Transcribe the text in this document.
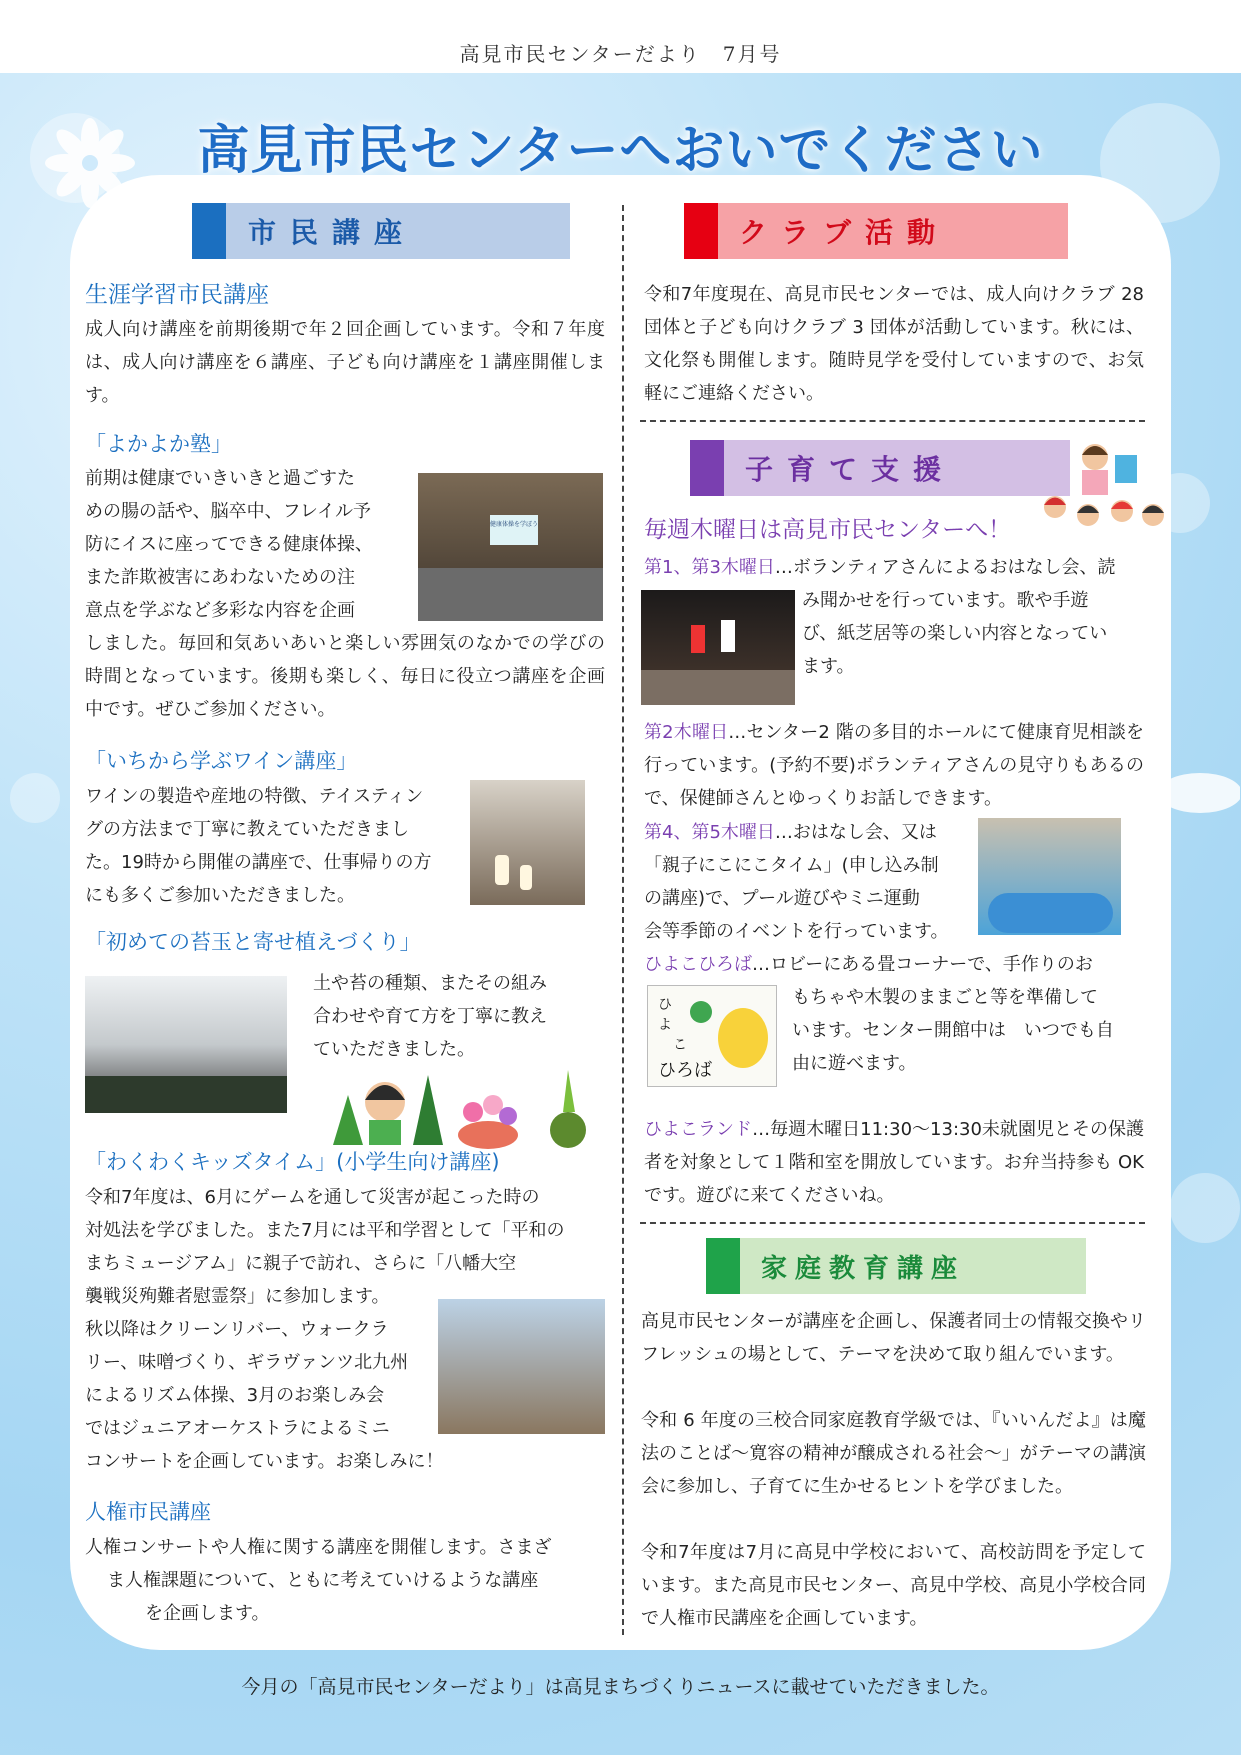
高見市民センターだより　7月号
高見市民センターへおいでください
市民講座
生涯学習市民講座
成人向け講座を前期後期で年２回企画しています。令和７年度は、成人向け講座を６講座、子ども向け講座を１講座開催します。
「よかよか塾」
前期は健康でいきいきと過ごすた
めの腸の話や、脳卒中、フレイル予
防にイスに座ってできる健康体操、
また詐欺被害にあわないための注
意点を学ぶなど多彩な内容を企画
健康体操を学ぼう
しました。毎回和気あいあいと楽しい雰囲気のなかでの学びの時間となっています。後期も楽しく、毎日に役立つ講座を企画中です。ぜひご参加ください。
「いちから学ぶワイン講座」
ワインの製造や産地の特徴、テイスティン
グの方法まで丁寧に教えていただきまし
た。19時から開催の講座で、仕事帰りの方
にも多くご参加いただきました。
「初めての苔玉と寄せ植えづくり」
土や苔の種類、またその組み
合わせや育て方を丁寧に教え
ていただきました。
「わくわくキッズタイム」(小学生向け講座)
令和7年度は、6月にゲームを通して災害が起こった時の
対処法を学びました。また7月には平和学習として「平和の
まちミュージアム」に親子で訪れ、さらに「八幡大空
襲戦災殉難者慰霊祭」に参加します。
秋以降はクリーンリバー、ウォークラ
リー、味噌づくり、ギラヴァンツ北九州
によるリズム体操、3月のお楽しみ会
ではジュニアオーケストラによるミニ
コンサートを企画しています。お楽しみに！
人権市民講座
人権コンサートや人権に関する講座を開催します。さまざ
ま人権課題について、ともに考えていけるような講座
を企画します。
クラブ活動
令和7年度現在、高見市民センターでは、成人向けクラブ 28 団体と子ども向けクラブ 3 団体が活動しています。秋には、文化祭も開催します。随時見学を受付していますので、お気軽にご連絡ください。
子育て支援
毎週木曜日は高見市民センターへ！
第1、第3木曜日…ボランティアさんによるおはなし会、読
み聞かせを行っています。歌や手遊
び、紙芝居等の楽しい内容となってい
ます。
第2木曜日…センター2 階の多目的ホールにて健康育児相談を行っています。(予約不要)ボランティアさんの見守りもあるので、保健師さんとゆっくりお話しできます。
第4、第5木曜日…おはなし会、又は
「親子にこにこタイム」(申し込み制
の講座)で、プール遊びやミニ運動
会等季節のイベントを行っています。
ひよこひろば…ロビーにある畳コーナーで、手作りのお
ひ
よ
こ
ひろば
もちゃや木製のままごと等を準備して
います。センター開館中は　いつでも自
由に遊べます。
ひよこランド…毎週木曜日11:30～13:30未就園児とその保護者を対象として１階和室を開放しています。お弁当持参も OK です。遊びに来てくださいね。
家庭教育講座
高見市民センターが講座を企画し、保護者同士の情報交換やリフレッシュの場として、テーマを決めて取り組んでいます。
令和 6 年度の三校合同家庭教育学級では、『いいんだよ』は魔法のことば～寛容の精神が醸成される社会～」がテーマの講演会に参加し、子育てに生かせるヒントを学びました。
令和7年度は7月に高見中学校において、高校訪問を予定しています。また高見市民センター、高見中学校、高見小学校合同で人権市民講座を企画しています。
今月の「高見市民センターだより」は高見まちづくりニュースに載せていただきました。
